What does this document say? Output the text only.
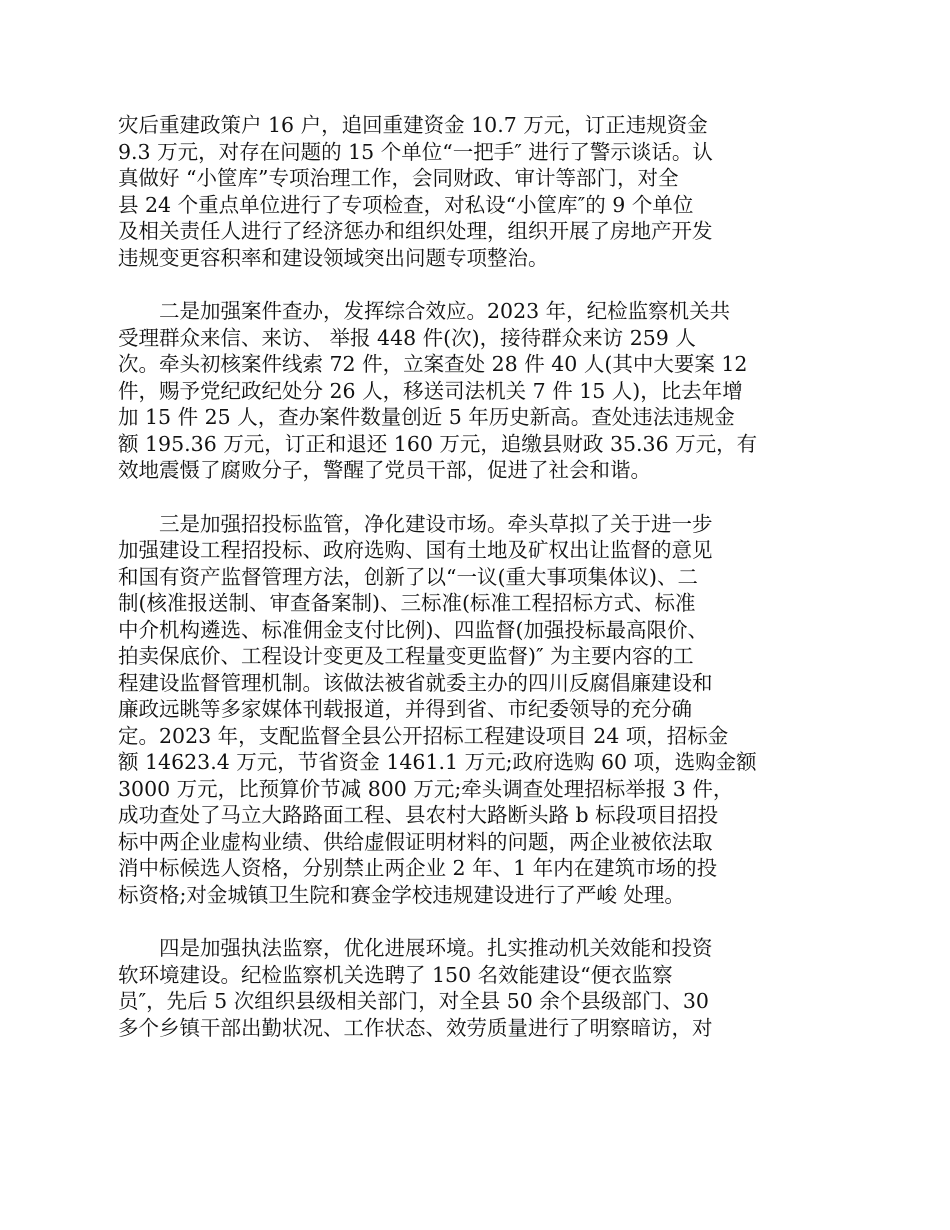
灾后重建政策户 16 户，追回重建资金 10.7 万元，订正违规资金
9.3 万元，对存在问题的 15 个单位“一把手″ 进行了警示谈话。认
真做好 “小筐库”专项治理工作，会同财政、审计等部门，对全
县 24 个重点单位进行了专项检查，对私设“小筐库″的 9 个单位
及相关责任人进行了经济惩办和组织处理，组织开展了房地产开发
违规变更容积率和建设领域突出问题专项整治。
二是加强案件查办，发挥综合效应。2023 年，纪检监察机关共
受理群众来信、来访、 举报 448 件(次)，接待群众来访 259 人
次。牵头初核案件线索 72 件，立案查处 28 件 40 人(其中大要案 12
件，赐予党纪政纪处分 26 人，移送司法机关 7 件 15 人)，比去年增
加 15 件 25 人，查办案件数量创近 5 年历史新高。查处违法违规金
额 195.36 万元，订正和退还 160 万元，追缴县财政 35.36 万元，有
效地震慑了腐败分子，警醒了党员干部，促进了社会和谐。
三是加强招投标监管，净化建设市场。牵头草拟了关于进一步
加强建设工程招投标、政府选购、国有土地及矿权出让监督的意见
和国有资产监督管理方法，创新了以“一议(重大事项集体议)、二
制(核准报送制、审查备案制)、三标准(标准工程招标方式、标准
中介机构遴选、标准佣金支付比例)、四监督(加强投标最高限价、
拍卖保底价、工程设计变更及工程量变更监督)″ 为主要内容的工
程建设监督管理机制。该做法被省就委主办的四川反腐倡廉建设和
廉政远眺等多家媒体刊载报道，并得到省、市纪委领导的充分确
定。2023 年，支配监督全县公开招标工程建设项目 24 项，招标金
额 14623.4 万元，节省资金 1461.1 万元;政府选购 60 项，选购金额
3000 万元，比预算价节减 800 万元;牵头调查处理招标举报 3 件，
成功查处了马立大路路面工程、县农村大路断头路 b 标段项目招投
标中两企业虚构业绩、供给虚假证明材料的问题，两企业被依法取
消中标候选人资格，分别禁止两企业 2 年、1 年内在建筑市场的投
标资格;对金城镇卫生院和赛金学校违规建设进行了严峻 处理。
四是加强执法监察，优化进展环境。扎实推动机关效能和投资
软环境建设。纪检监察机关选聘了 150 名效能建设“便衣监察
员″，先后 5 次组织县级相关部门，对全县 50 余个县级部门、30
多个乡镇干部出勤状况、工作状态、效劳质量进行了明察暗访，对
